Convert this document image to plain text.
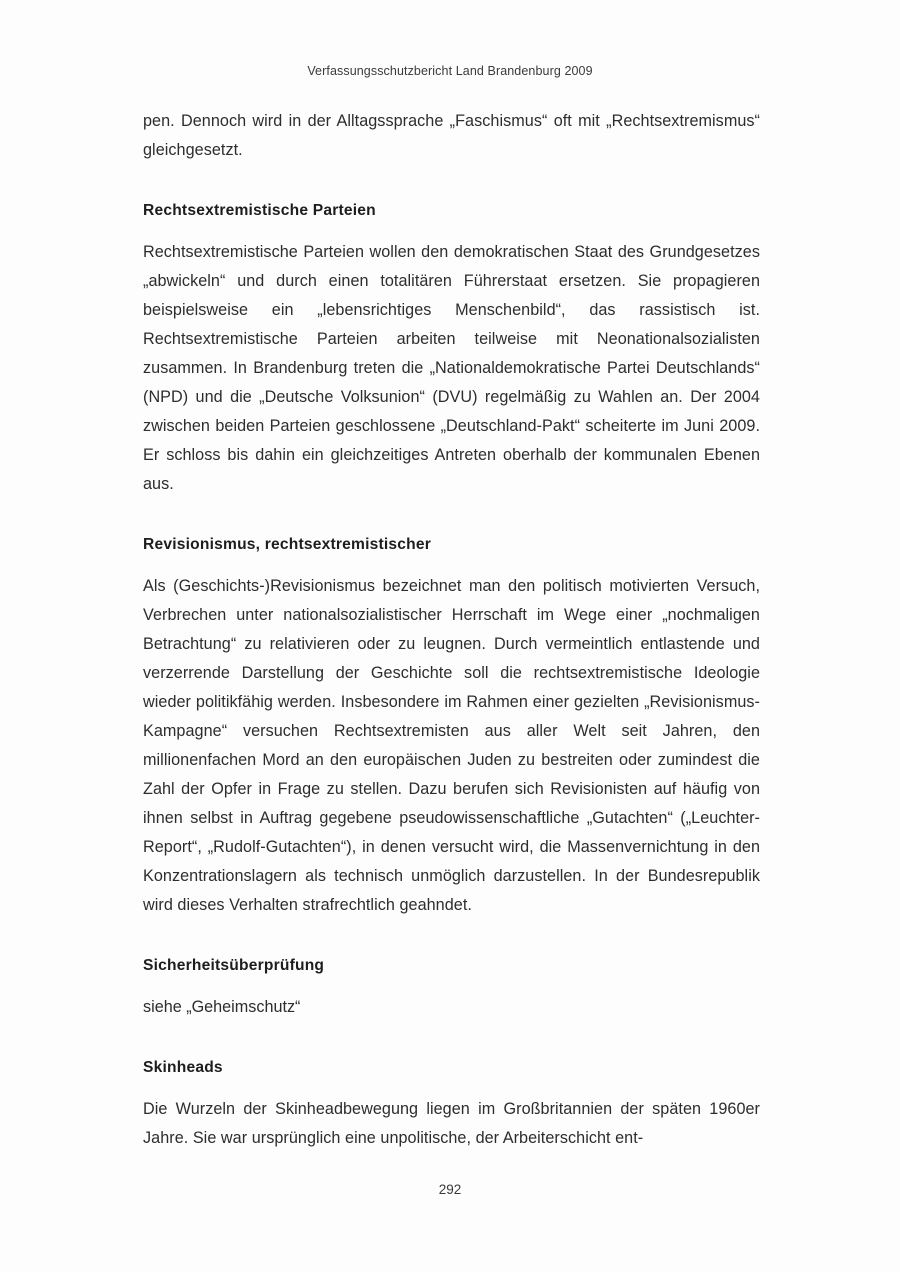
Verfassungsschutzbericht Land Brandenburg 2009

pen. Dennoch wird in der Alltagssprache „Faschismus“ oft mit „Rechtsextremismus“ gleichgesetzt.

Rechtsextremistische Parteien

Rechtsextremistische Parteien wollen den demokratischen Staat des Grundgesetzes „abwickeln“ und durch einen totalitären Führerstaat ersetzen. Sie propagieren beispielsweise ein „lebensrichtiges Menschenbild“, das rassistisch ist. Rechtsextremistische Parteien arbeiten teilweise mit Neonationalsozialisten zusammen. In Brandenburg treten die „Nationaldemokratische Partei Deutschlands“ (NPD) und die „Deutsche Volksunion“ (DVU) regelmäßig zu Wahlen an. Der 2004 zwischen beiden Parteien geschlossene „Deutschland-Pakt“ scheiterte im Juni 2009. Er schloss bis dahin ein gleichzeitiges Antreten oberhalb der kommunalen Ebenen aus.

Revisionismus, rechtsextremistischer

Als (Geschichts-)Revisionismus bezeichnet man den politisch motivierten Versuch, Verbrechen unter nationalsozialistischer Herrschaft im Wege einer „nochmaligen Betrachtung“ zu relativieren oder zu leugnen. Durch vermeintlich entlastende und verzerrende Darstellung der Geschichte soll die rechtsextremistische Ideologie wieder politikfähig werden. Insbesondere im Rahmen einer gezielten „Revisionismus-Kampagne“ versuchen Rechtsextremisten aus aller Welt seit Jahren, den millionenfachen Mord an den europäischen Juden zu bestreiten oder zumindest die Zahl der Opfer in Frage zu stellen. Dazu berufen sich Revisionisten auf häufig von ihnen selbst in Auftrag gegebene pseudowissenschaftliche „Gutachten“ („Leuchter-Report“, „Rudolf-Gutachten“), in denen versucht wird, die Massenvernichtung in den Konzentrationslagern als technisch unmöglich darzustellen. In der Bundesrepublik wird dieses Verhalten strafrechtlich geahndet.

Sicherheitsüberprüfung

siehe „Geheimschutz“

Skinheads

Die Wurzeln der Skinheadbewegung liegen im Großbritannien der späten 1960er Jahre. Sie war ursprünglich eine unpolitische, der Arbeiterschicht ent-

292
